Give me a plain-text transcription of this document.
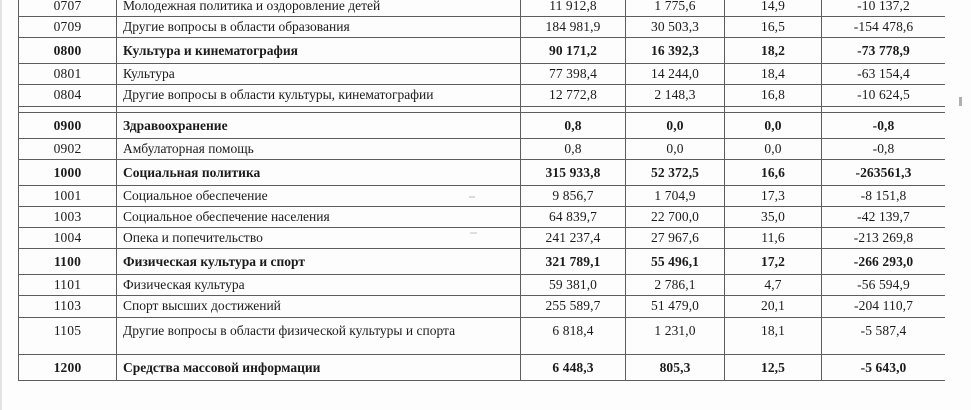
0707	Молодежная политика и оздоровление детей	11 912,8	1 775,6	14,9	-10 137,2
0709	Другие вопросы в области образования	184 981,9	30 503,3	16,5	-154 478,6
0800	Культура и кинематография	90 171,2	16 392,3	18,2	-73 778,9
0801	Культура	77 398,4	14 244,0	18,4	-63 154,4
0804	Другие вопросы в области культуры, кинематографии	12 772,8	2 148,3	16,8	-10 624,5

0900	Здравоохранение	0,8	0,0	0,0	-0,8
0902	Амбулаторная помощь	0,8	0,0	0,0	-0,8
1000	Социальная политика	315 933,8	52 372,5	16,6	-263561,3
1001	Социальное обеспечение	9 856,7	1 704,9	17,3	-8 151,8
1003	Социальное обеспечение населения	64 839,7	22 700,0	35,0	-42 139,7
1004	Опека и попечительство	241 237,4	27 967,6	11,6	-213 269,8
1100	Физическая культура и спорт	321 789,1	55 496,1	17,2	-266 293,0
1101	Физическая культура	59 381,0	2 786,1	4,7	-56 594,9
1103	Спорт высших достижений	255 589,7	51 479,0	20,1	-204 110,7
1105	Другие вопросы в области физической культуры и спорта	6 818,4	1 231,0	18,1	-5 587,4
1200	Средства массовой информации	6 448,3	805,3	12,5	-5 643,0
